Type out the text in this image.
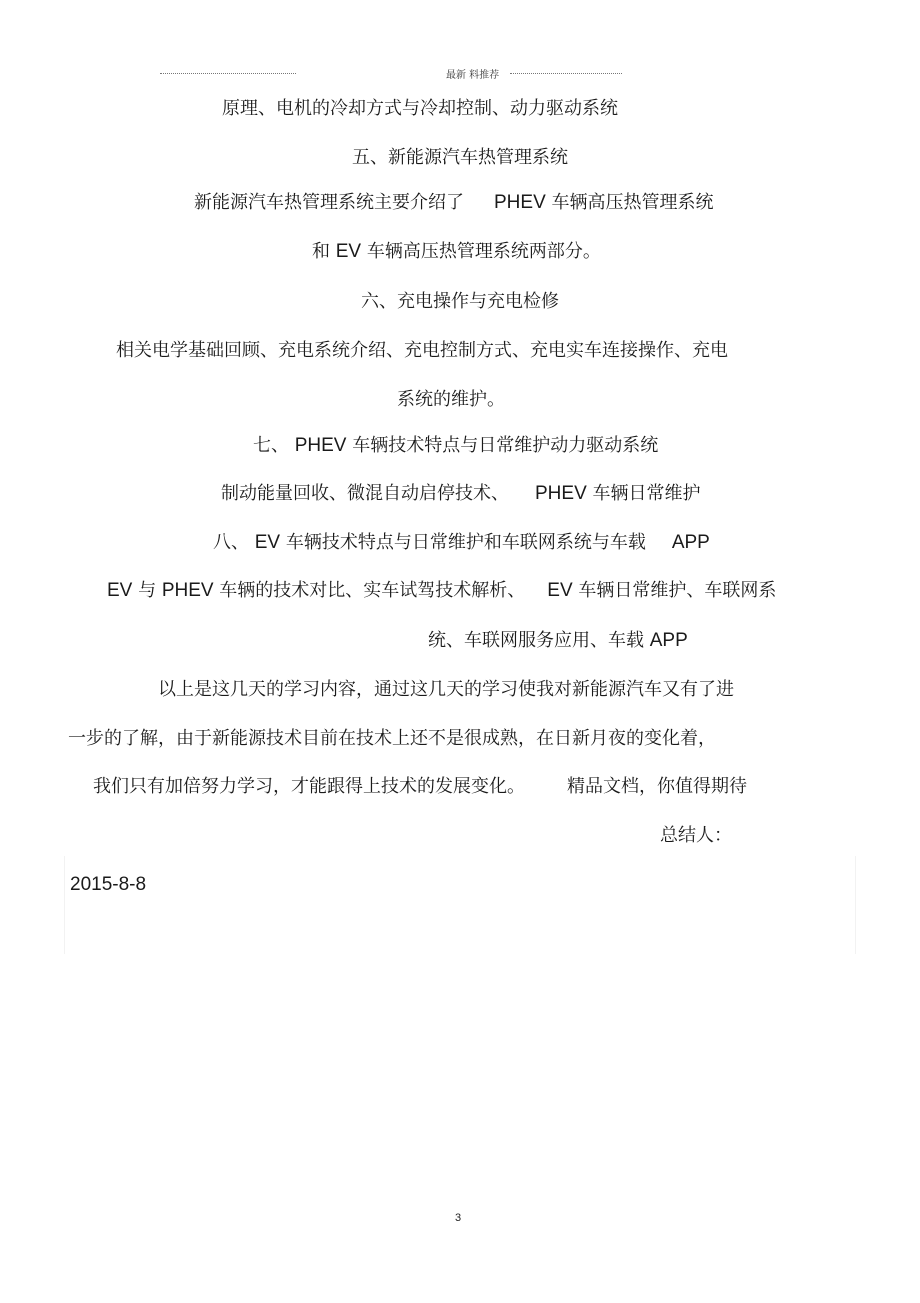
最新 料推荐
原理、电机的冷却方式与冷却控制、动力驱动系统
五、新能源汽车热管理系统
新能源汽车热管理系统主要介绍了 PHEV 车辆高压热管理系统
和 EV 车辆高压热管理系统两部分。
六、充电操作与充电检修
相关电学基础回顾、充电系统介绍、充电控制方式、充电实车连接操作、充电
系统的维护。
七、 PHEV 车辆技术特点与日常维护动力驱动系统
制动能量回收、微混自动启停技术、 PHEV 车辆日常维护
八、 EV 车辆技术特点与日常维护和车联网系统与车载 APP
EV 与 PHEV 车辆的技术对比、实车试驾技术解析、 EV 车辆日常维护、车联网系
统、车联网服务应用、车载 APP
以上是这几天的学习内容，通过这几天的学习使我对新能源汽车又有了进
一步的了解，由于新能源技术目前在技术上还不是很成熟，在日新月夜的变化着，
我们只有加倍努力学习，才能跟得上技术的发展变化。 精品文档，你值得期待
总结人：
2015-8-8
3
